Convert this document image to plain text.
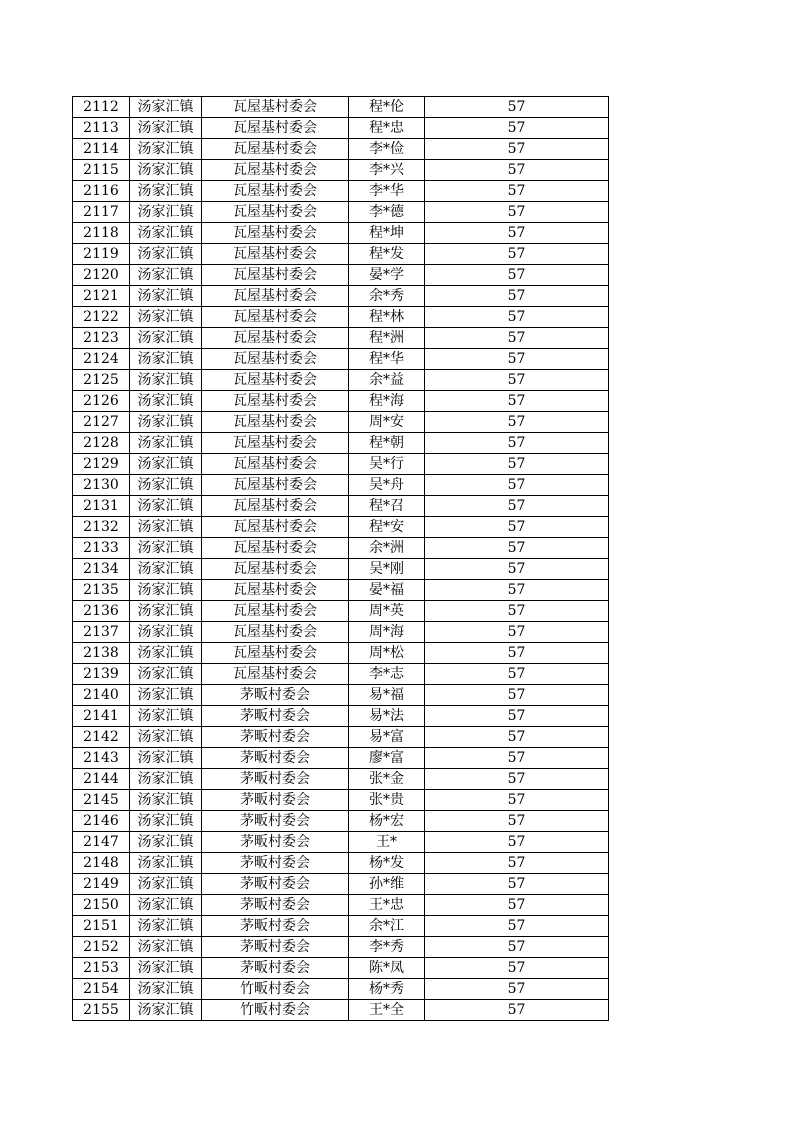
2112	汤家汇镇	瓦屋基村委会	程*伦	57
2113	汤家汇镇	瓦屋基村委会	程*忠	57
2114	汤家汇镇	瓦屋基村委会	李*俭	57
2115	汤家汇镇	瓦屋基村委会	李*兴	57
2116	汤家汇镇	瓦屋基村委会	李*华	57
2117	汤家汇镇	瓦屋基村委会	李*德	57
2118	汤家汇镇	瓦屋基村委会	程*坤	57
2119	汤家汇镇	瓦屋基村委会	程*发	57
2120	汤家汇镇	瓦屋基村委会	晏*学	57
2121	汤家汇镇	瓦屋基村委会	余*秀	57
2122	汤家汇镇	瓦屋基村委会	程*林	57
2123	汤家汇镇	瓦屋基村委会	程*洲	57
2124	汤家汇镇	瓦屋基村委会	程*华	57
2125	汤家汇镇	瓦屋基村委会	余*益	57
2126	汤家汇镇	瓦屋基村委会	程*海	57
2127	汤家汇镇	瓦屋基村委会	周*安	57
2128	汤家汇镇	瓦屋基村委会	程*朝	57
2129	汤家汇镇	瓦屋基村委会	吴*行	57
2130	汤家汇镇	瓦屋基村委会	吴*舟	57
2131	汤家汇镇	瓦屋基村委会	程*召	57
2132	汤家汇镇	瓦屋基村委会	程*安	57
2133	汤家汇镇	瓦屋基村委会	余*洲	57
2134	汤家汇镇	瓦屋基村委会	吴*刚	57
2135	汤家汇镇	瓦屋基村委会	晏*福	57
2136	汤家汇镇	瓦屋基村委会	周*英	57
2137	汤家汇镇	瓦屋基村委会	周*海	57
2138	汤家汇镇	瓦屋基村委会	周*松	57
2139	汤家汇镇	瓦屋基村委会	李*志	57
2140	汤家汇镇	茅畈村委会	易*福	57
2141	汤家汇镇	茅畈村委会	易*法	57
2142	汤家汇镇	茅畈村委会	易*富	57
2143	汤家汇镇	茅畈村委会	廖*富	57
2144	汤家汇镇	茅畈村委会	张*金	57
2145	汤家汇镇	茅畈村委会	张*贵	57
2146	汤家汇镇	茅畈村委会	杨*宏	57
2147	汤家汇镇	茅畈村委会	王*	57
2148	汤家汇镇	茅畈村委会	杨*发	57
2149	汤家汇镇	茅畈村委会	孙*维	57
2150	汤家汇镇	茅畈村委会	王*忠	57
2151	汤家汇镇	茅畈村委会	余*江	57
2152	汤家汇镇	茅畈村委会	李*秀	57
2153	汤家汇镇	茅畈村委会	陈*凤	57
2154	汤家汇镇	竹畈村委会	杨*秀	57
2155	汤家汇镇	竹畈村委会	王*全	57
